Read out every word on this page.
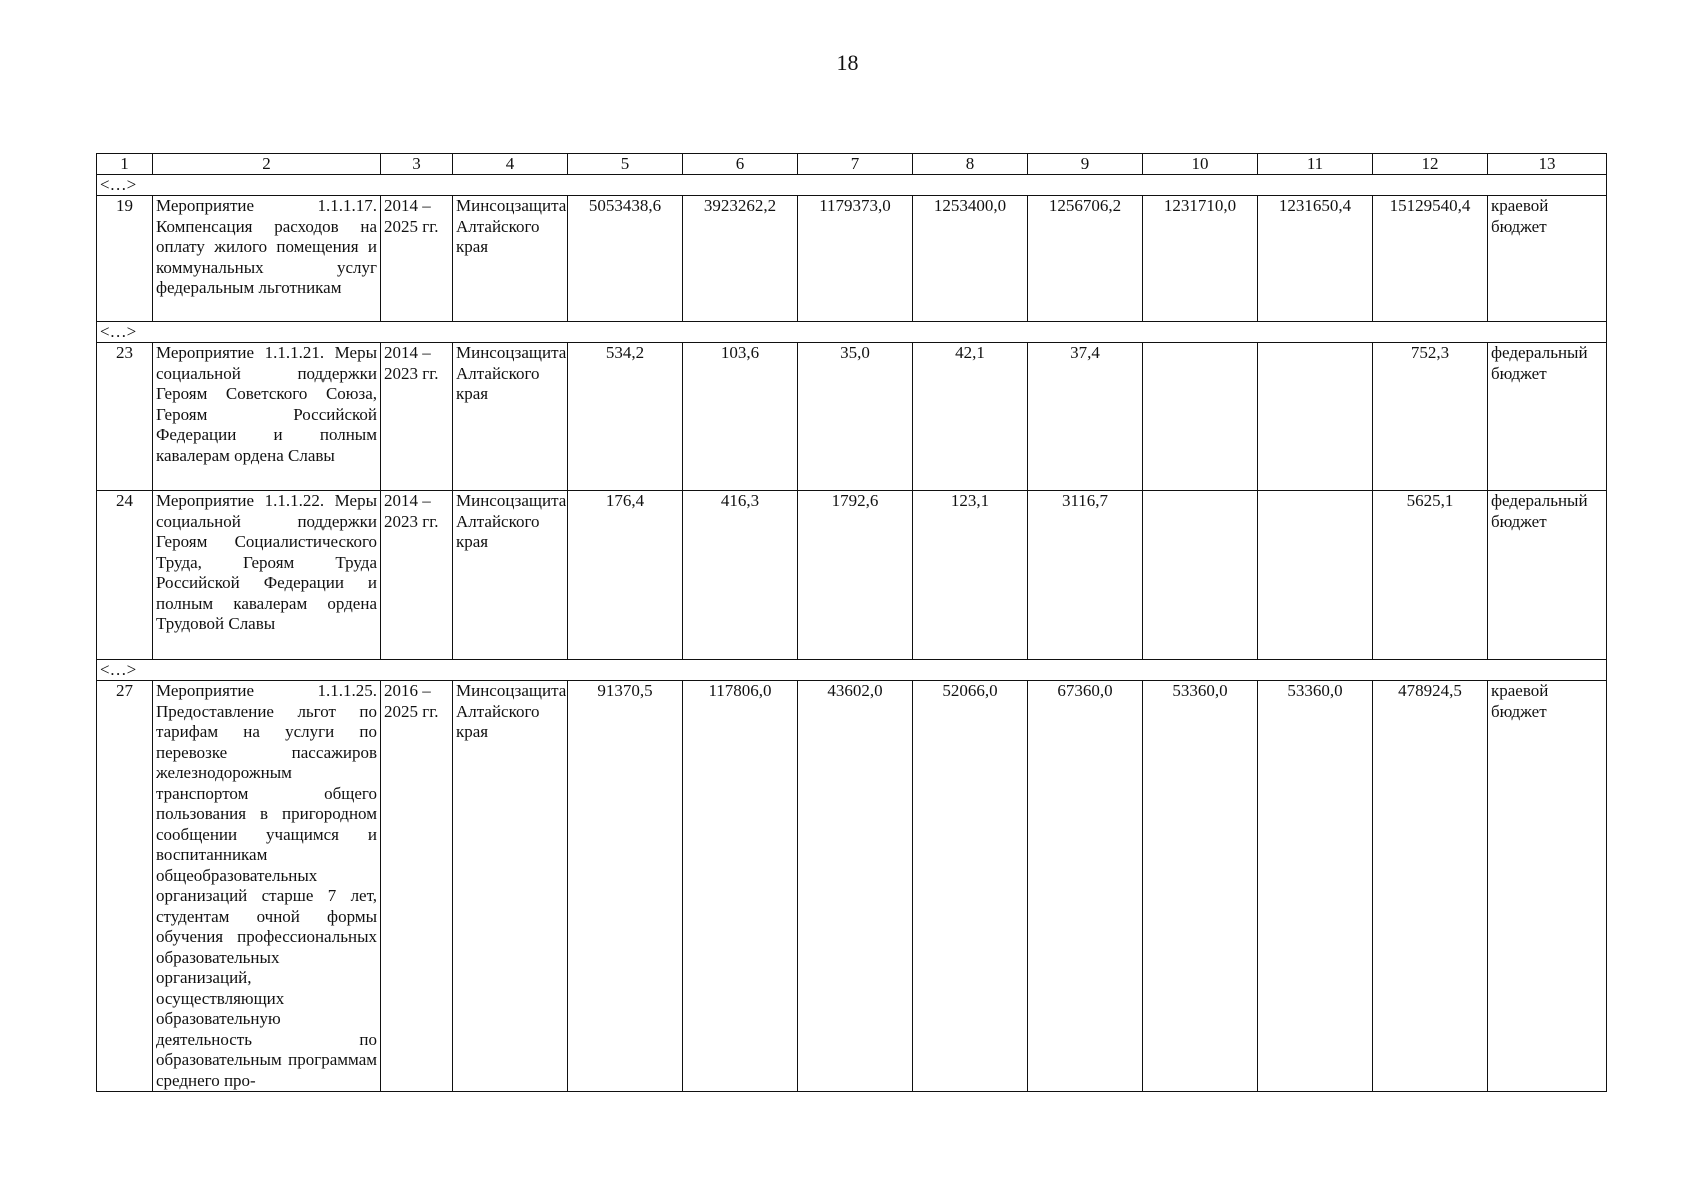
18
1	2	3	4	5	6	7	8	9	10	11	12	13
<…>												
19	Мероприятие 1.1.1.17. Компенсация расходов на оплату жилого помещения и коммунальных услуг федеральным льготникам	2014 – 2025 гг.	Минсоцзащита Алтайского края	5053438,6	3923262,2	1179373,0	1253400,0	1256706,2	1231710,0	1231650,4	15129540,4	краевой бюджет
<…>												
23	Мероприятие 1.1.1.21. Меры социальной поддержки Героям Советского Союза, Героям Российской Федерации и полным кавалерам ордена Славы	2014 – 2023 гг.	Минсоцзащита Алтайского края	534,2	103,6	35,0	42,1	37,4			752,3	федеральный бюджет
24	Мероприятие 1.1.1.22. Меры социальной поддержки Героям Социалистического Труда, Героям Труда Российской Федерации и полным кавалерам ордена Трудовой Славы	2014 – 2023 гг.	Минсоцзащита Алтайского края	176,4	416,3	1792,6	123,1	3116,7			5625,1	федеральный бюджет
<…>												
27	Мероприятие 1.1.1.25. Предоставление льгот по тарифам на услуги по перевозке пассажиров железнодорожным транспортом общего пользования в пригородном сообщении учащимся и воспитанникам общеобразовательных организаций старше 7 лет, студентам очной формы обучения профессиональных образовательных организаций, осуществляющих образовательную деятельность по образовательным программам среднего про-	2016 – 2025 гг.	Минсоцзащита Алтайского края	91370,5	117806,0	43602,0	52066,0	67360,0	53360,0	53360,0	478924,5	краевой бюджет
